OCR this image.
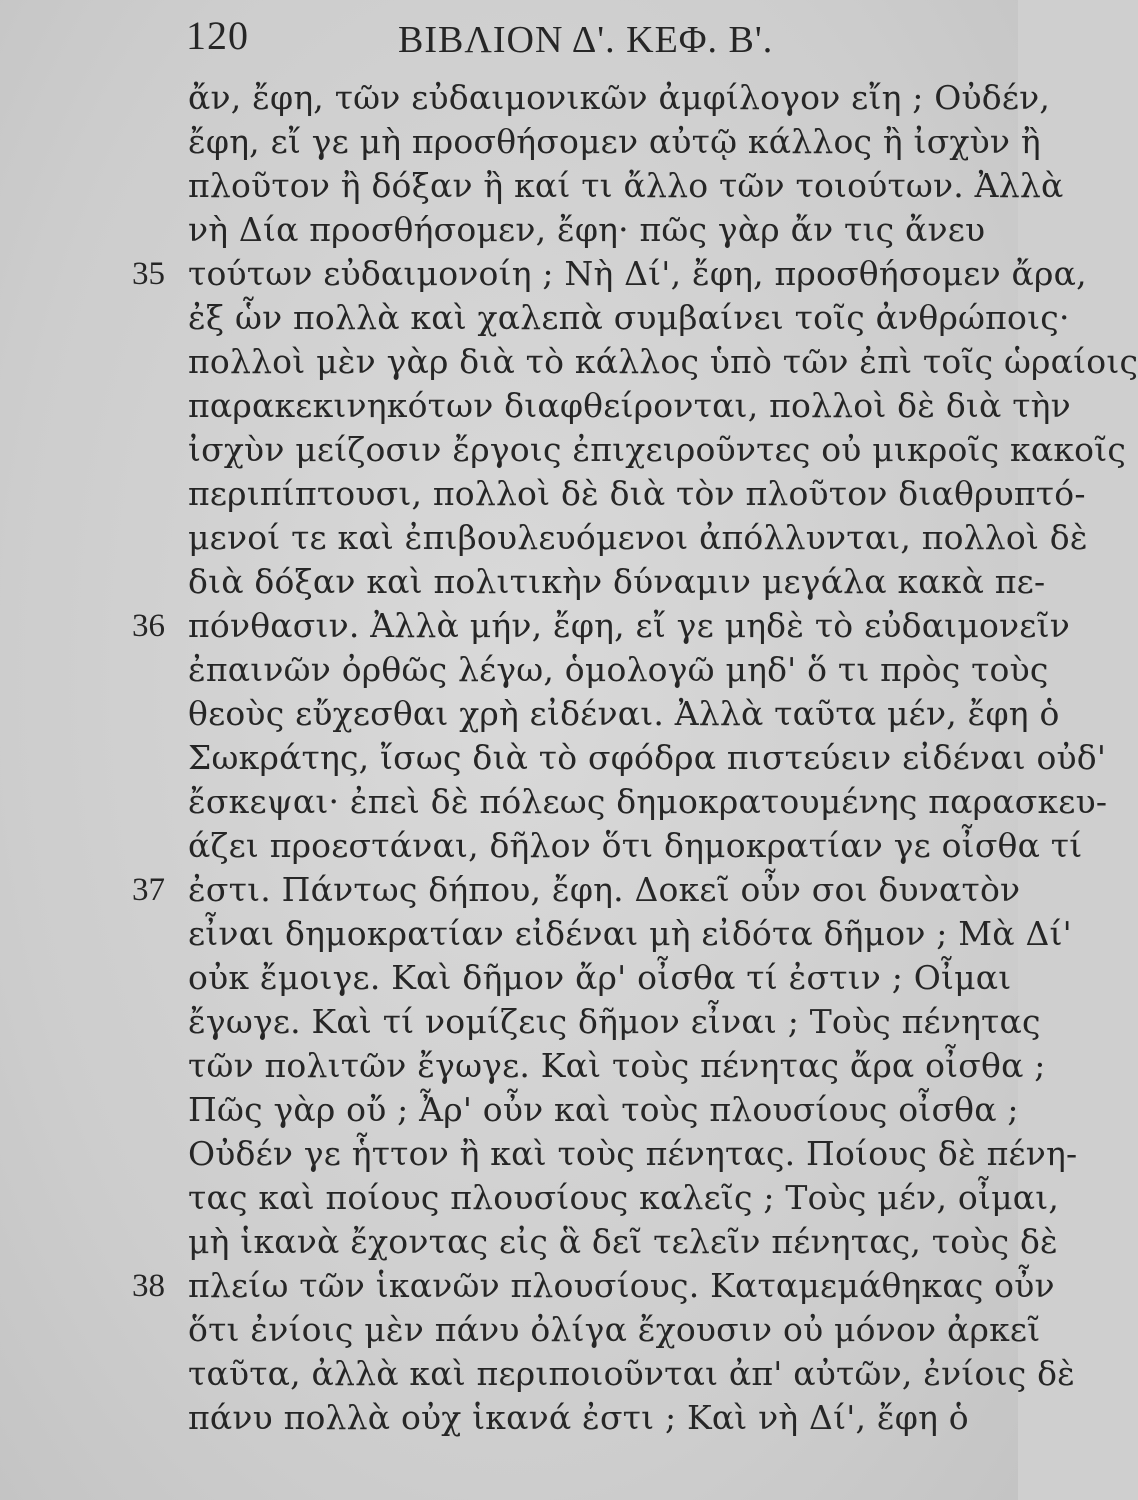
120	ΒΙΒΛΙΟΝ Δ'. ΚΕΦ. Β'.
ἄν, ἔφη, τῶν εὐδαιμονικῶν ἀμφίλογον εἴη ; Οὐδέν,
ἔφη, εἴ γε μὴ προσθήσομεν αὐτῷ κάλλος ἢ ἰσχὺν ἢ
πλοῦτον ἢ δόξαν ἢ καί τι ἄλλο τῶν τοιούτων. Ἀλλὰ
νὴ Δία προσθήσομεν, ἔφη· πῶς γὰρ ἄν τις ἄνευ
35 τούτων εὐδαιμονοίη ; Νὴ Δί', ἔφη, προσθήσομεν ἄρα,
ἐξ ὧν πολλὰ καὶ χαλεπὰ συμβαίνει τοῖς ἀνθρώποις·
πολλοὶ μὲν γὰρ διὰ τὸ κάλλος ὑπὸ τῶν ἐπὶ τοῖς ὡραίοις
παρακεκινηκότων διαφθείρονται, πολλοὶ δὲ διὰ τὴν
ἰσχὺν μείζοσιν ἔργοις ἐπιχειροῦντες οὐ μικροῖς κακοῖς
περιπίπτουσι, πολλοὶ δὲ διὰ τὸν πλοῦτον διαθρυπτό-
μενοί τε καὶ ἐπιβουλευόμενοι ἀπόλλυνται, πολλοὶ δὲ
διὰ δόξαν καὶ πολιτικὴν δύναμιν μεγάλα κακὰ πε-
36 πόνθασιν. Ἀλλὰ μήν, ἔφη, εἴ γε μηδὲ τὸ εὐδαιμονεῖν
ἐπαινῶν ὀρθῶς λέγω, ὁμολογῶ μηδ' ὅ τι πρὸς τοὺς
θεοὺς εὔχεσθαι χρὴ εἰδέναι. Ἀλλὰ ταῦτα μέν, ἔφη ὁ
Σωκράτης, ἴσως διὰ τὸ σφόδρα πιστεύειν εἰδέναι οὐδ'
ἔσκεψαι· ἐπεὶ δὲ πόλεως δημοκρατουμένης παρασκευ-
άζει προεστάναι, δῆλον ὅτι δημοκρατίαν γε οἶσθα τί
37 ἐστι. Πάντως δήπου, ἔφη. Δοκεῖ οὖν σοι δυνατὸν
εἶναι δημοκρατίαν εἰδέναι μὴ εἰδότα δῆμον ; Μὰ Δί'
οὐκ ἔμοιγε. Καὶ δῆμον ἄρ' οἶσθα τί ἐστιν ; Οἶμαι
ἔγωγε. Καὶ τί νομίζεις δῆμον εἶναι ; Τοὺς πένητας
τῶν πολιτῶν ἔγωγε. Καὶ τοὺς πένητας ἄρα οἶσθα ;
Πῶς γὰρ οὔ ; Ἆρ' οὖν καὶ τοὺς πλουσίους οἶσθα ;
Οὐδέν γε ἧττον ἢ καὶ τοὺς πένητας. Ποίους δὲ πένη-
τας καὶ ποίους πλουσίους καλεῖς ; Τοὺς μέν, οἶμαι,
μὴ ἱκανὰ ἔχοντας εἰς ἃ δεῖ τελεῖν πένητας, τοὺς δὲ
38 πλείω τῶν ἱκανῶν πλουσίους. Καταμεμάθηκας οὖν
ὅτι ἐνίοις μὲν πάνυ ὀλίγα ἔχουσιν οὐ μόνον ἀρκεῖ
ταῦτα, ἀλλὰ καὶ περιποιοῦνται ἀπ' αὐτῶν, ἐνίοις δὲ
πάνυ πολλὰ οὐχ ἱκανά ἐστι ; Καὶ νὴ Δί', ἔφη ὁ
